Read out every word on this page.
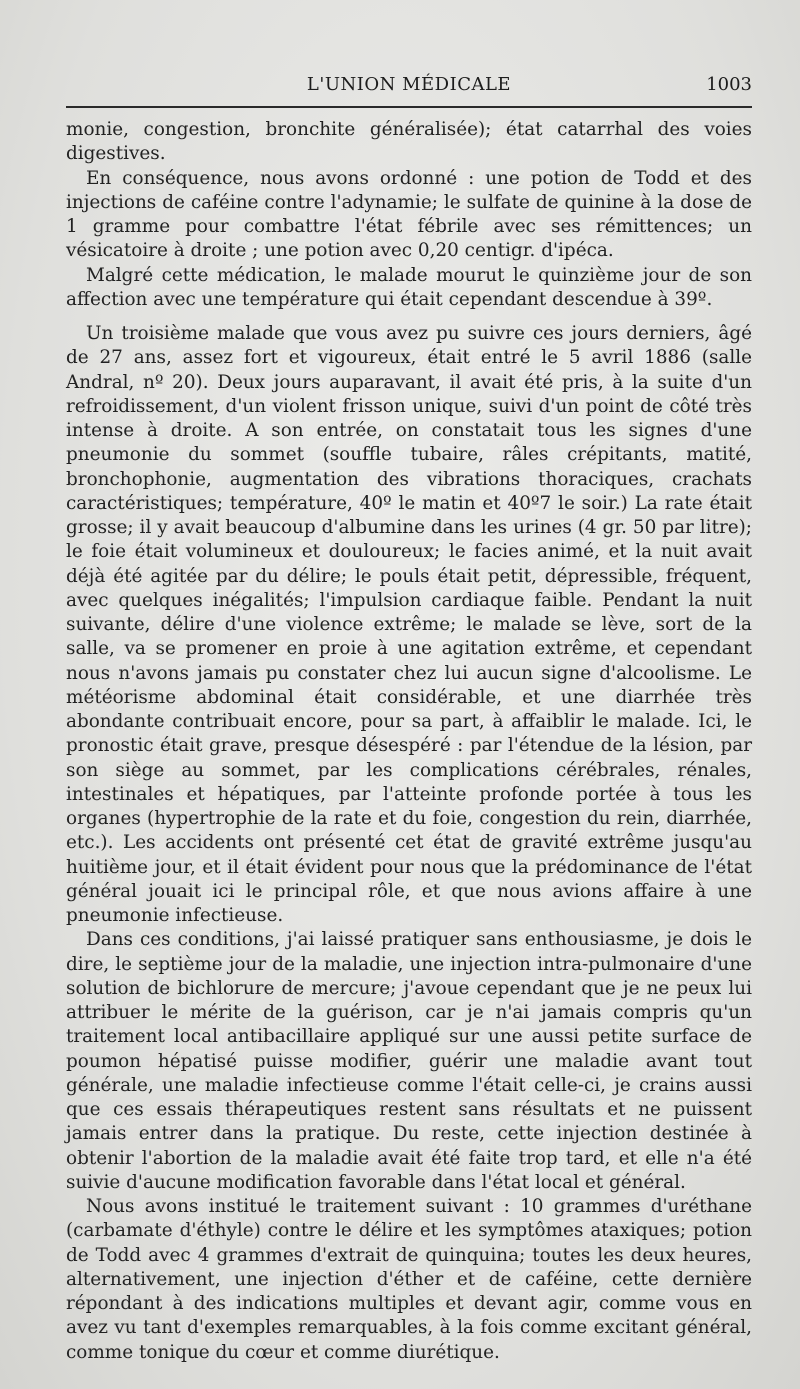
L'UNION MÉDICALE	1003

monie, congestion, bronchite généralisée); état catarrhal des voies digestives.

En conséquence, nous avons ordonné : une potion de Todd et des injections de caféine contre l'adynamie; le sulfate de quinine à la dose de 1 gramme pour combattre l'état fébrile avec ses rémittences; un vésicatoire à droite ; une potion avec 0,20 centigr. d'ipéca.

Malgré cette médication, le malade mourut le quinzième jour de son affection avec une température qui était cependant descendue à 39º.

Un troisième malade que vous avez pu suivre ces jours derniers, âgé de 27 ans, assez fort et vigoureux, était entré le 5 avril 1886 (salle Andral, nº 20). Deux jours auparavant, il avait été pris, à la suite d'un refroidissement, d'un violent frisson unique, suivi d'un point de côté très intense à droite. A son entrée, on constatait tous les signes d'une pneumonie du sommet (souffle tubaire, râles crépitants, matité, bronchophonie, augmentation des vibrations thoraciques, crachats caractéristiques; température, 40º le matin et 40º7 le soir.) La rate était grosse; il y avait beaucoup d'albumine dans les urines (4 gr. 50 par litre); le foie était volumineux et douloureux; le facies animé, et la nuit avait déjà été agitée par du délire; le pouls était petit, dépressible, fréquent, avec quelques inégalités; l'impulsion cardiaque faible. Pendant la nuit suivante, délire d'une violence extrême; le malade se lève, sort de la salle, va se promener en proie à une agitation extrême, et cependant nous n'avons jamais pu constater chez lui aucun signe d'alcoolisme. Le météorisme abdominal était considérable, et une diarrhée très abondante contribuait encore, pour sa part, à affaiblir le malade. Ici, le pronostic était grave, presque désespéré : par l'étendue de la lésion, par son siège au sommet, par les complications cérébrales, rénales, intestinales et hépatiques, par l'atteinte profonde portée à tous les organes (hypertrophie de la rate et du foie, congestion du rein, diarrhée, etc.). Les accidents ont présenté cet état de gravité extrême jusqu'au huitième jour, et il était évident pour nous que la prédominance de l'état général jouait ici le principal rôle, et que nous avions affaire à une pneumonie infectieuse.

Dans ces conditions, j'ai laissé pratiquer sans enthousiasme, je dois le dire, le septième jour de la maladie, une injection intra-pulmonaire d'une solution de bichlorure de mercure; j'avoue cependant que je ne peux lui attribuer le mérite de la guérison, car je n'ai jamais compris qu'un traitement local antibacillaire appliqué sur une aussi petite surface de poumon hépatisé puisse modifier, guérir une maladie avant tout générale, une maladie infectieuse comme l'était celle-ci, je crains aussi que ces essais thérapeutiques restent sans résultats et ne puissent jamais entrer dans la pratique. Du reste, cette injection destinée à obtenir l'abortion de la maladie avait été faite trop tard, et elle n'a été suivie d'aucune modification favorable dans l'état local et général.

Nous avons institué le traitement suivant : 10 grammes d'uréthane (carbamate d'éthyle) contre le délire et les symptômes ataxiques; potion de Todd avec 4 grammes d'extrait de quinquina; toutes les deux heures, alternativement, une injection d'éther et de caféine, cette dernière répondant à des indications multiples et devant agir, comme vous en avez vu tant d'exemples remarquables, à la fois comme excitant général, comme tonique du cœur et comme diurétique.
